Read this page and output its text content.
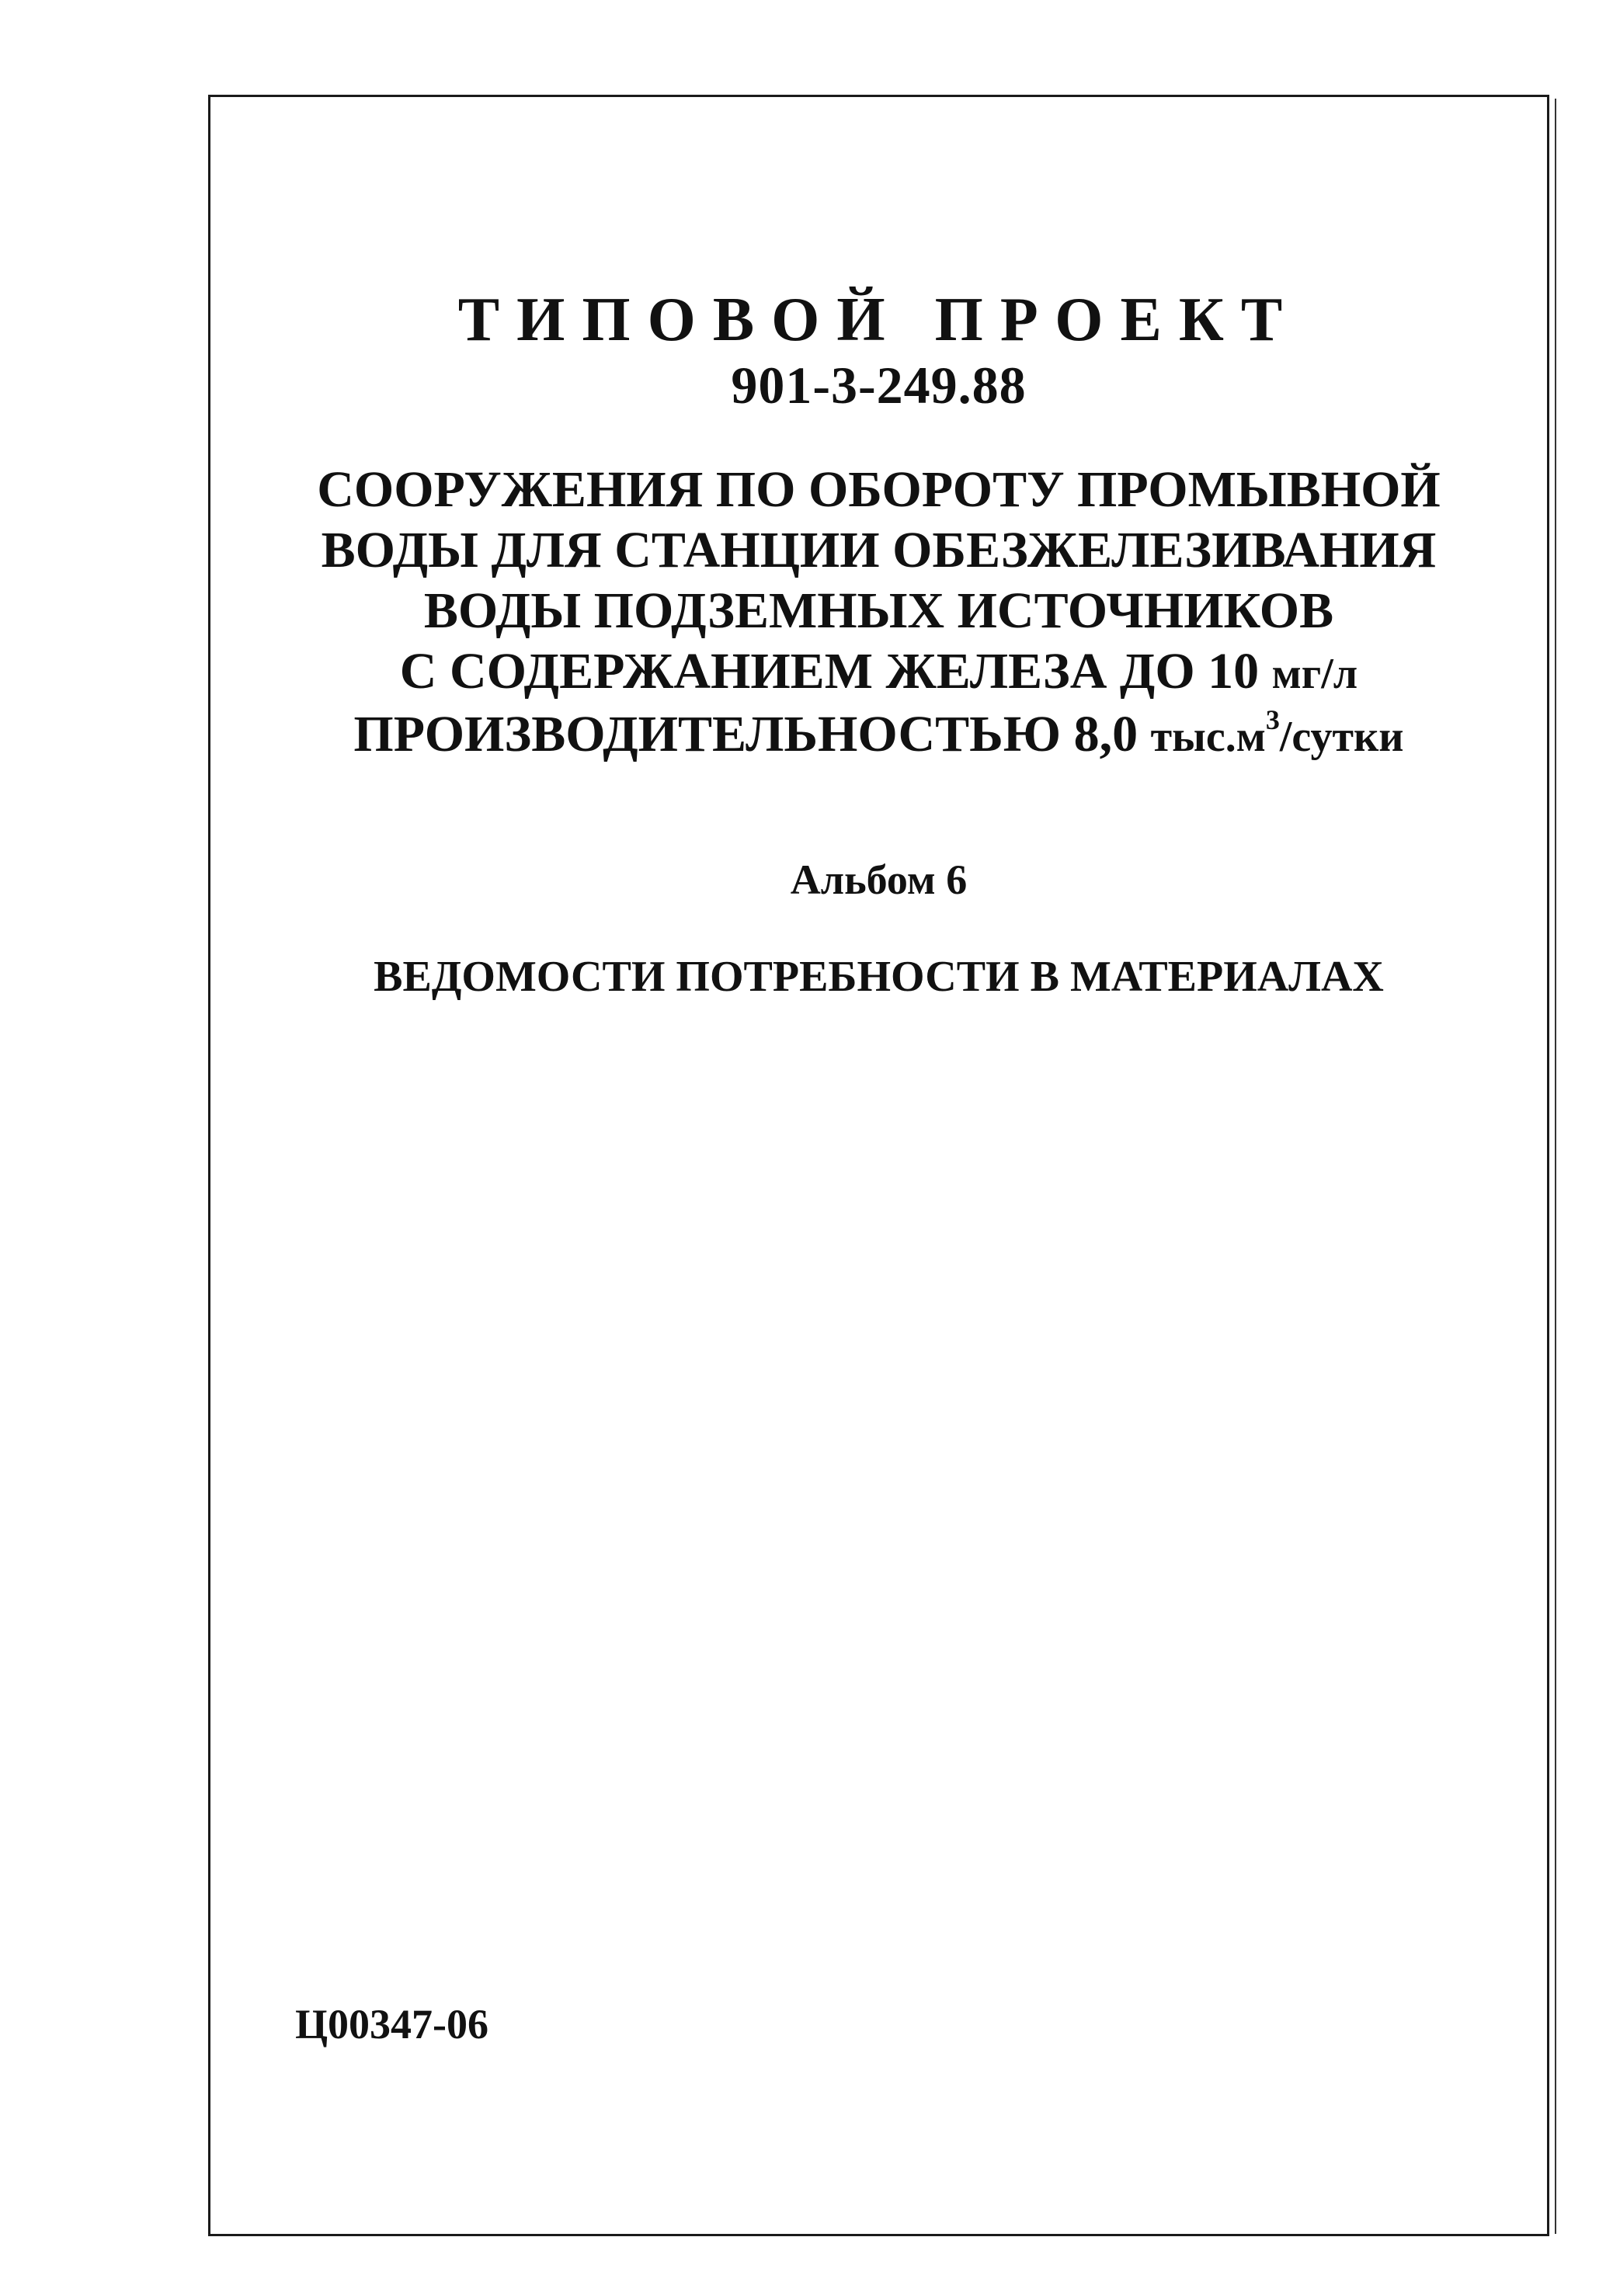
ТИПОВОЙ ПРОЕКТ
901-3-249.88
СООРУЖЕНИЯ ПО ОБОРОТУ ПРОМЫВНОЙ
ВОДЫ ДЛЯ СТАНЦИИ ОБЕЗЖЕЛЕЗИВАНИЯ
ВОДЫ ПОДЗЕМНЫХ ИСТОЧНИКОВ
С СОДЕРЖАНИЕМ ЖЕЛЕЗА ДО 10 мг/л
ПРОИЗВОДИТЕЛЬНОСТЬЮ 8,0 $тыс.м^3$/сутки
Альбом 6
ВЕДОМОСТИ ПОТРЕБНОСТИ В МАТЕРИАЛАХ
Ц00347-06
